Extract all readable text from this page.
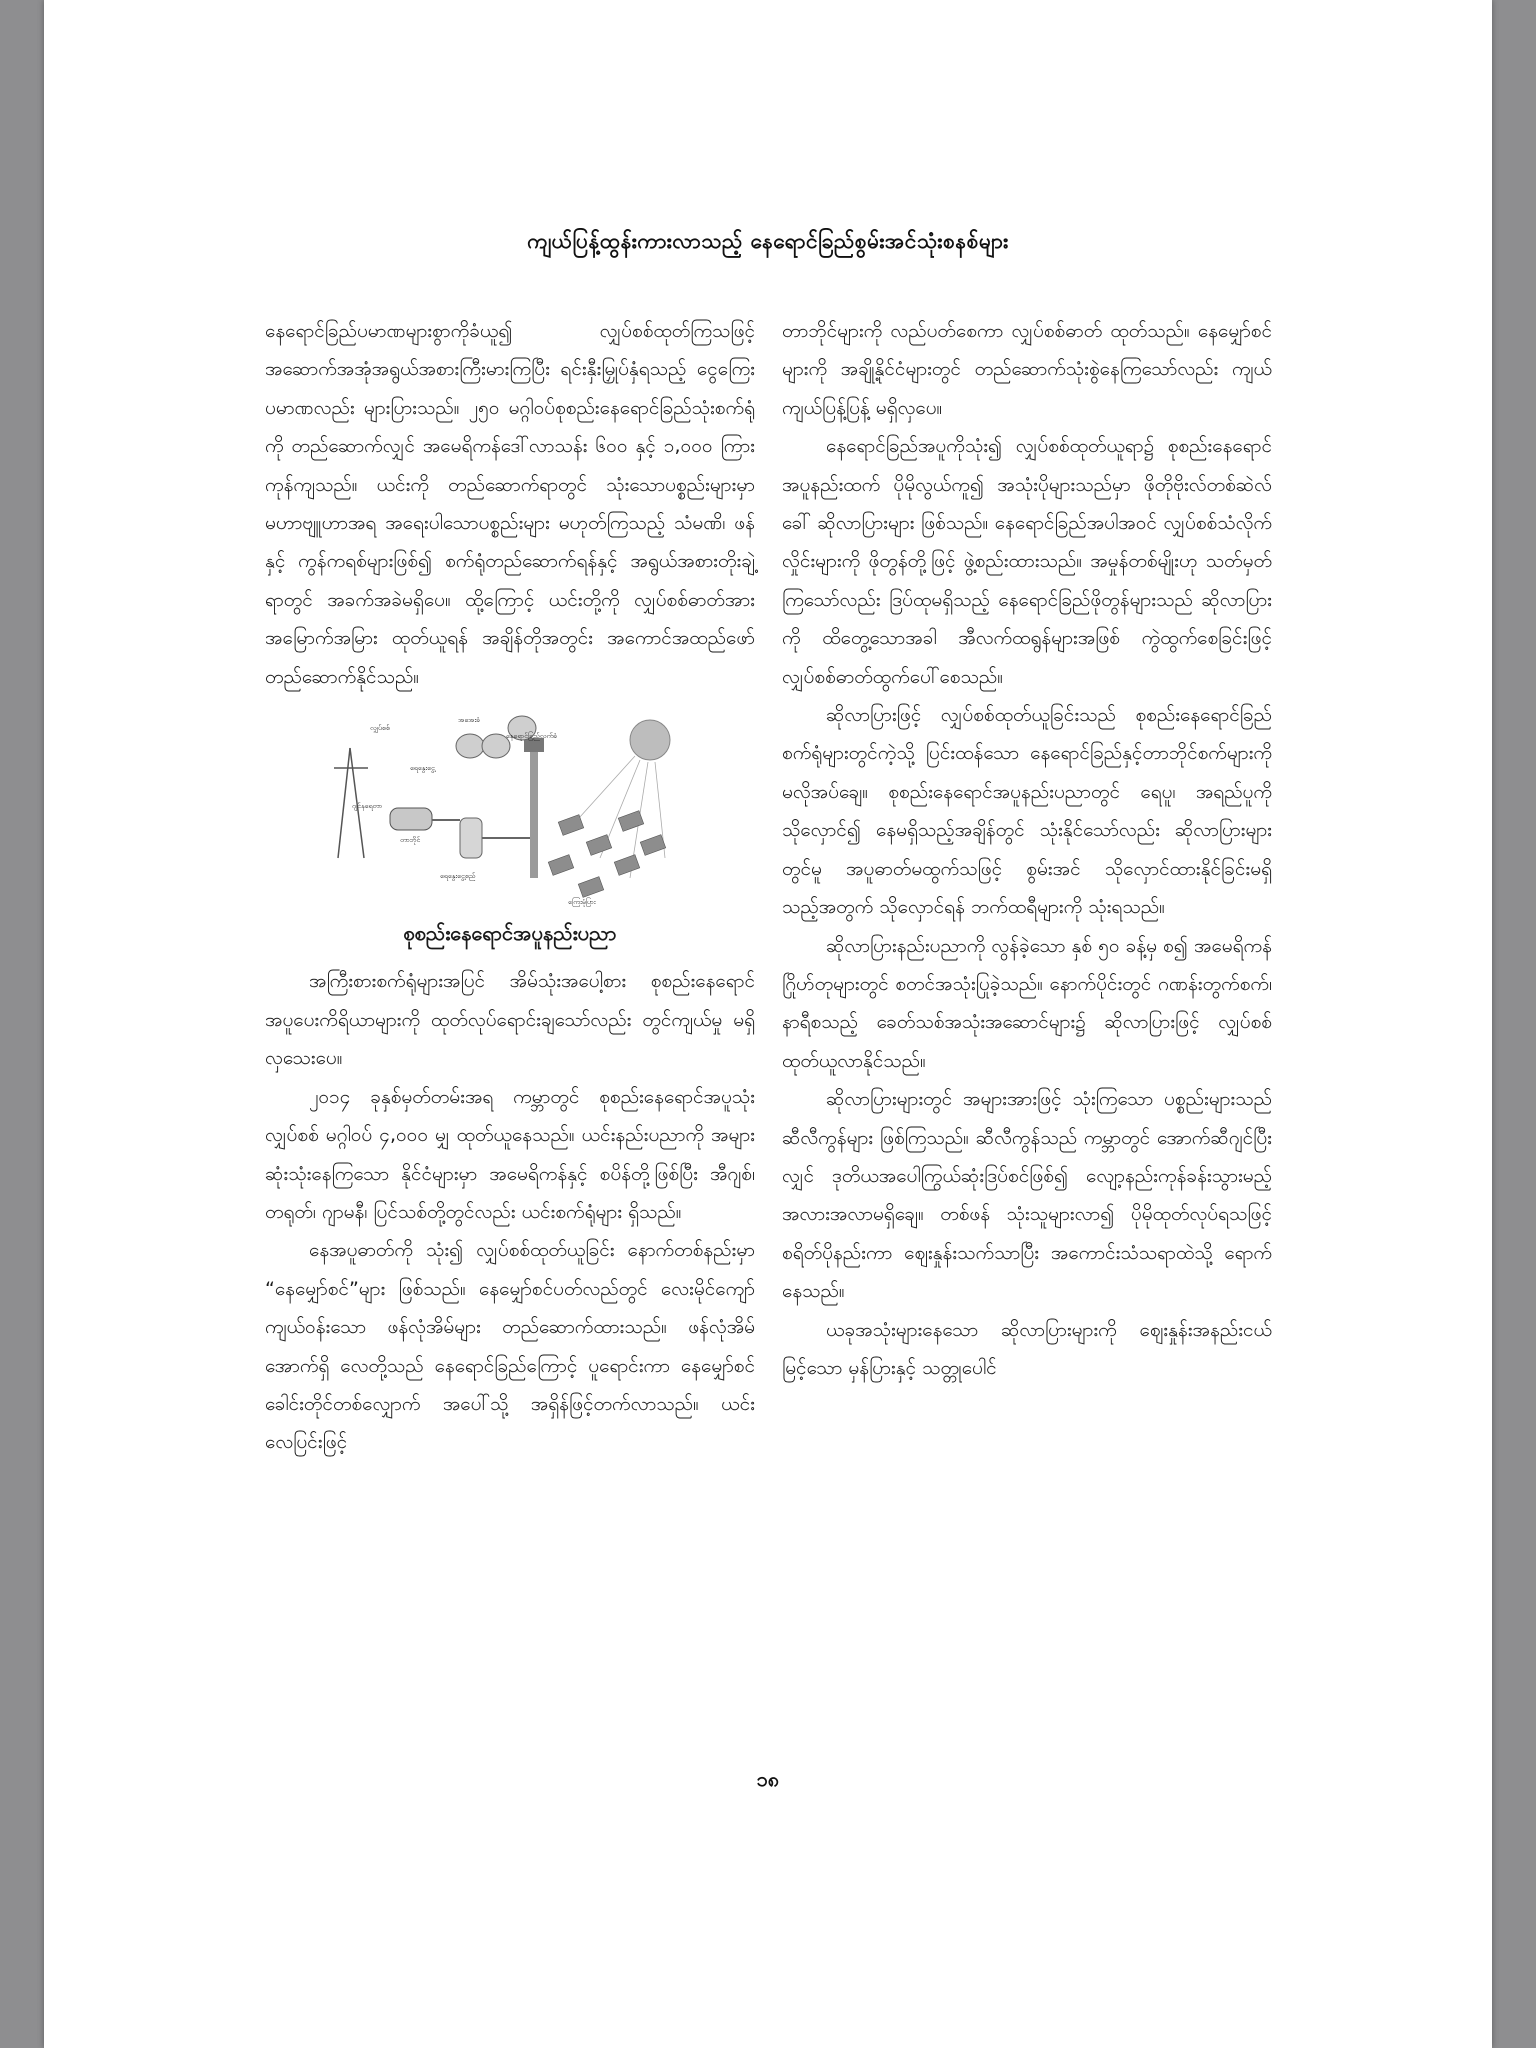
ကျယ်ပြန့်ထွန်းကားလာသည့် နေရောင်ခြည်စွမ်းအင်သုံးစနစ်များ

နေရောင်ခြည်ပမာဏများစွာကိုခံယူ၍ လျှပ်စစ်ထုတ်ကြသဖြင့် အဆောက်အအုံအရွယ်အစားကြီးမားကြပြီး ရင်းနှီးမြှုပ်နှံရသည့် ငွေကြေးပမာဏလည်း များပြားသည်။ ၂၅၀ မဂ္ဂါဝပ်စုစည်းနေရောင်ခြည်သုံးစက်ရုံကို တည်ဆောက်လျှင် အမေရိကန်ဒေါ်လာသန်း ၆၀၀ နှင့် ၁,၀၀၀ ကြား ကုန်ကျသည်။ ယင်းကို တည်ဆောက်ရာတွင် သုံးသောပစ္စည်းများမှာ မဟာဗျူဟာအရ အရေးပါသောပစ္စည်းများ မဟုတ်ကြသည့် သံမဏိ၊ ဖန်နှင့် ကွန်ကရစ်များဖြစ်၍ စက်ရုံတည်ဆောက်ရန်နှင့် အရွယ်အစားတိုးချဲ့ရာတွင် အခက်အခဲမရှိပေ။ ထို့ကြောင့် ယင်းတို့ကို လျှပ်စစ်ဓာတ်အား အမြောက်အမြား ထုတ်ယူရန် အချိန်တိုအတွင်း အကောင်အထည်ဖော် တည်ဆောက်နိုင်သည်။

လျှပ်စစ်
အအေးခံ
နေရောင်ခြည်လက်ခံ
ရေနွေးငွေ့
ဂျင်နရေတာ
တာဘိုင်
ရေနွေးငွေ့စည်
ကြေးမုံပြား
စုစည်းနေရောင်အပူနည်းပညာ

အကြီးစားစက်ရုံများအပြင် အိမ်သုံးအပေါ့စား စုစည်းနေရောင်အပူပေးကိရိယာများကို ထုတ်လုပ်ရောင်းချသော်လည်း တွင်ကျယ်မှု မရှိလှသေးပေ။

၂၀၁၄ ခုနှစ်မှတ်တမ်းအရ ကမ္ဘာတွင် စုစည်းနေရောင်အပူသုံးလျှပ်စစ် မဂ္ဂါဝပ် ၄,၀၀၀ မျှ ထုတ်ယူနေသည်။ ယင်းနည်းပညာကို အများဆုံးသုံးနေကြသော နိုင်ငံများမှာ အမေရိကန်နှင့် စပိန်တို့ဖြစ်ပြီး အီဂျစ်၊ တရုတ်၊ ဂျာမနီ၊ ပြင်သစ်တို့တွင်လည်း ယင်းစက်ရုံများ ရှိသည်။

နေအပူဓာတ်ကို သုံး၍ လျှပ်စစ်ထုတ်ယူခြင်း နောက်တစ်နည်းမှာ “နေမျှော်စင်”များ ဖြစ်သည်။ နေမျှော်စင်ပတ်လည်တွင် လေးမိုင်ကျော်ကျယ်ဝန်းသော ဖန်လုံအိမ်များ တည်ဆောက်ထားသည်။ ဖန်လုံအိမ် အောက်ရှိ လေတို့သည် နေရောင်ခြည်ကြောင့် ပူရောင်းကာ နေမျှော်စင်ခေါင်းတိုင်တစ်လျှောက် အပေါ်သို့ အရှိန်ဖြင့်တက်လာသည်။ ယင်းလေပြင်းဖြင့်

တာဘိုင်များကို လည်ပတ်စေကာ လျှပ်စစ်ဓာတ် ထုတ်သည်။ နေမျှော်စင်များကို အချို့နိုင်ငံများတွင် တည်ဆောက်သုံးစွဲနေကြသော်လည်း ကျယ်ကျယ်ပြန့်ပြန့် မရှိလှပေ။

နေရောင်ခြည်အပူကိုသုံး၍ လျှပ်စစ်ထုတ်ယူရာ၌ စုစည်းနေရောင်အပူနည်းထက် ပိုမိုလွယ်ကူ၍ အသုံးပိုများသည်မှာ ဖိုတိုဗိုးလ်တစ်ဆဲလ်ခေါ် ဆိုလာပြားများ ဖြစ်သည်။ နေရောင်ခြည်အပါအဝင် လျှပ်စစ်သံလိုက်လှိုင်းများကို ဖိုတွန်တို့ဖြင့် ဖွဲ့စည်းထားသည်။ အမှုန်တစ်မျိုးဟု သတ်မှတ်ကြသော်လည်း ဒြပ်ထုမရှိသည့် နေရောင်ခြည်ဖိုတွန်များသည် ဆိုလာပြားကို ထိတွေ့သောအခါ အီလက်ထရွန်များအဖြစ် ကွဲထွက်စေခြင်းဖြင့် လျှပ်စစ်ဓာတ်ထွက်ပေါ်စေသည်။

ဆိုလာပြားဖြင့် လျှပ်စစ်ထုတ်ယူခြင်းသည် စုစည်းနေရောင်ခြည်စက်ရုံများတွင်ကဲ့သို့ ပြင်းထန်သော နေရောင်ခြည်နှင့်တာဘိုင်စက်များကို မလိုအပ်ချေ။ စုစည်းနေရောင်အပူနည်းပညာတွင် ရေပူ၊ အရည်ပူကို သိုလှောင်၍ နေမရှိသည့်အချိန်တွင် သုံးနိုင်သော်လည်း ဆိုလာပြားများတွင်မူ အပူဓာတ်မထွက်သဖြင့် စွမ်းအင် သိုလှောင်ထားနိုင်ခြင်းမရှိသည့်အတွက် သိုလှောင်ရန် ဘက်ထရီများကို သုံးရသည်။

ဆိုလာပြားနည်းပညာကို လွန်ခဲ့သော နှစ် ၅၀ ခန့်မှ စ၍ အမေရိကန်ဂြိုဟ်တုများတွင် စတင်အသုံးပြုခဲ့သည်။ နောက်ပိုင်းတွင် ဂဏန်းတွက်စက်၊ နာရီစသည့် ခေတ်သစ်အသုံးအဆောင်များ၌ ဆိုလာပြားဖြင့် လျှပ်စစ်ထုတ်ယူလာနိုင်သည်။

ဆိုလာပြားများတွင် အများအားဖြင့် သုံးကြသော ပစ္စည်းများသည် ဆီလီကွန်များ ဖြစ်ကြသည်။ ဆီလီကွန်သည် ကမ္ဘာတွင် အောက်ဆီဂျင်ပြီးလျှင် ဒုတိယအပေါကြွယ်ဆုံးဒြပ်စင်ဖြစ်၍ လျော့နည်းကုန်ခန်းသွားမည့် အလားအလာမရှိချေ။ တစ်ဖန် သုံးသူများလာ၍ ပိုမိုထုတ်လုပ်ရသဖြင့် စရိတ်ပိုနည်းကာ ဈေးနှုန်းသက်သာပြီး အကောင်းသံသရာထဲသို့ ရောက်နေသည်။

ယခုအသုံးများနေသော ဆိုလာပြားများကို ဈေးနှုန်းအနည်းငယ်မြင့်သော မှန်ပြားနှင့် သတ္တုပေါင်

၁၈
